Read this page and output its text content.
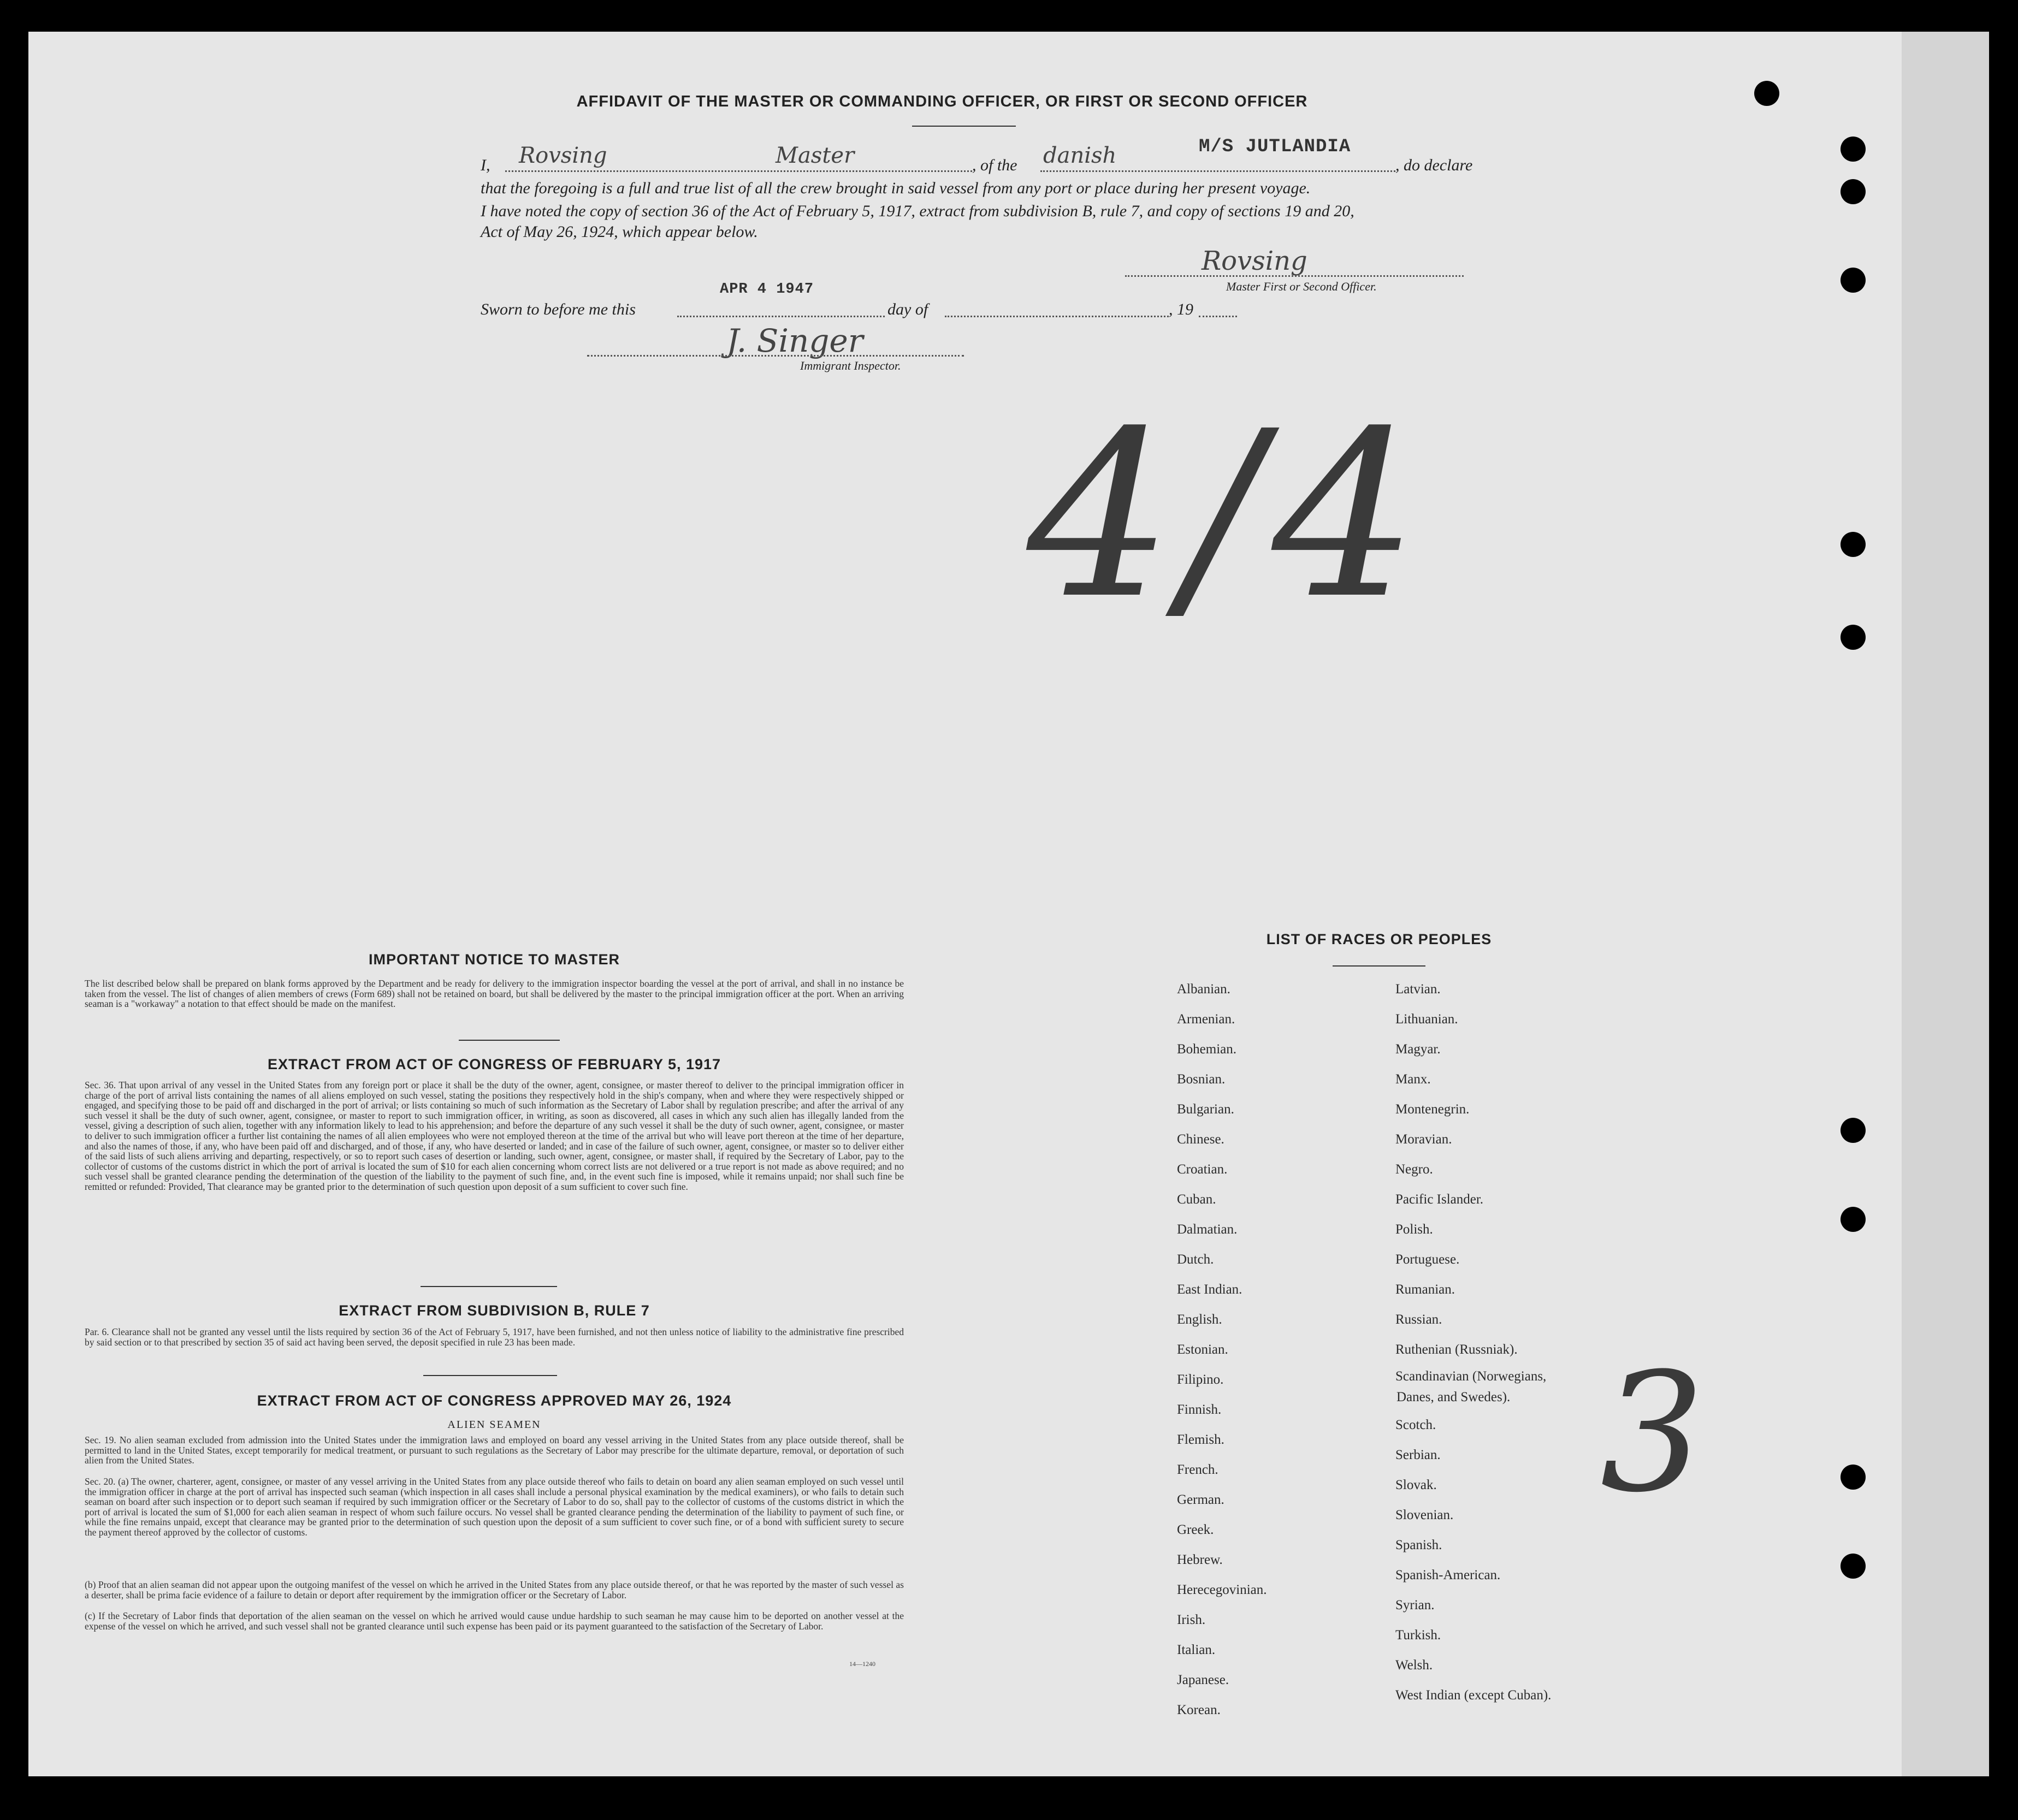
AFFIDAVIT OF THE MASTER OR COMMANDING OFFICER, OR FIRST OR SECOND OFFICER
I, Rovsing	Master	, of the danish	M/S JUTLANDIA
, do declare
that the foregoing is a full and true list of all the crew brought in said vessel from any port or place during her present voyage.
I have noted the copy of section 36 of the Act of February 5, 1917, extract from subdivision B, rule 7, and copy of sections 19 and 20,
Act of May 26, 1924, which appear below.
Rovsing
Master First or Second Officer.
APR 4 1947
Sworn to before me this	day of	, 19
J. Singer
Immigrant Inspector.
4/4
IMPORTANT NOTICE TO MASTER
The list described below shall be prepared on blank forms approved by the Department and be ready for delivery to the immigration inspector boarding the vessel at the port of arrival, and shall in no instance be taken from the vessel. The list of changes of alien members of crews (Form 689) shall not be retained on board, but shall be delivered by the master to the principal immigration officer at the port. When an arriving seaman is a "workaway" a notation to that effect should be made on the manifest.
EXTRACT FROM ACT OF CONGRESS OF FEBRUARY 5, 1917
Sec. 36. That upon arrival of any vessel in the United States from any foreign port or place it shall be the duty of the owner, agent, consignee, or master thereof to deliver to the principal immigration officer in charge of the port of arrival lists containing the names of all aliens employed on such vessel, stating the positions they respectively hold in the ship's company, when and where they were respectively shipped or engaged, and specifying those to be paid off and discharged in the port of arrival; or lists containing so much of such information as the Secretary of Labor shall by regulation prescribe; and after the arrival of any such vessel it shall be the duty of such owner, agent, consignee, or master to report to such immigration officer, in writing, as soon as discovered, all cases in which any such alien has illegally landed from the vessel, giving a description of such alien, together with any information likely to lead to his apprehension; and before the departure of any such vessel it shall be the duty of such owner, agent, consignee, or master to deliver to such immigration officer a further list containing the names of all alien employees who were not employed thereon at the time of the arrival but who will leave port thereon at the time of her departure, and also the names of those, if any, who have been paid off and discharged, and of those, if any, who have deserted or landed; and in case of the failure of such owner, agent, consignee, or master so to deliver either of the said lists of such aliens arriving and departing, respectively, or so to report such cases of desertion or landing, such owner, agent, consignee, or master shall, if required by the Secretary of Labor, pay to the collector of customs of the customs district in which the port of arrival is located the sum of $10 for each alien concerning whom correct lists are not delivered or a true report is not made as above required; and no such vessel shall be granted clearance pending the determination of the question of the liability to the payment of such fine, and, in the event such fine is imposed, while it remains unpaid; nor shall such fine be remitted or refunded: Provided, That clearance may be granted prior to the determination of such question upon deposit of a sum sufficient to cover such fine.
EXTRACT FROM SUBDIVISION B, RULE 7
Par. 6. Clearance shall not be granted any vessel until the lists required by section 36 of the Act of February 5, 1917, have been furnished, and not then unless notice of liability to the administrative fine prescribed by said section or to that prescribed by section 35 of said act having been served, the deposit specified in rule 23 has been made.
EXTRACT FROM ACT OF CONGRESS APPROVED MAY 26, 1924
ALIEN SEAMEN
Sec. 19. No alien seaman excluded from admission into the United States under the immigration laws and employed on board any vessel arriving in the United States from any place outside thereof, shall be permitted to land in the United States, except temporarily for medical treatment, or pursuant to such regulations as the Secretary of Labor may prescribe for the ultimate departure, removal, or deportation of such alien from the United States.
Sec. 20. (a) The owner, charterer, agent, consignee, or master of any vessel arriving in the United States from any place outside thereof who fails to detain on board any alien seaman employed on such vessel until the immigration officer in charge at the port of arrival has inspected such seaman (which inspection in all cases shall include a personal physical examination by the medical examiners), or who fails to detain such seaman on board after such inspection or to deport such seaman if required by such immigration officer or the Secretary of Labor to do so, shall pay to the collector of customs of the customs district in which the port of arrival is located the sum of $1,000 for each alien seaman in respect of whom such failure occurs. No vessel shall be granted clearance pending the determination of the liability to payment of such fine, or while the fine remains unpaid, except that clearance may be granted prior to the determination of such question upon the deposit of a sum sufficient to cover such fine, or of a bond with sufficient surety to secure the payment thereof approved by the collector of customs.
(b) Proof that an alien seaman did not appear upon the outgoing manifest of the vessel on which he arrived in the United States from any place outside thereof, or that he was reported by the master of such vessel as a deserter, shall be prima facie evidence of a failure to detain or deport after requirement by the immigration officer or the Secretary of Labor.
(c) If the Secretary of Labor finds that deportation of the alien seaman on the vessel on which he arrived would cause undue hardship to such seaman he may cause him to be deported on another vessel at the expense of the vessel on which he arrived, and such vessel shall not be granted clearance until such expense has been paid or its payment guaranteed to the satisfaction of the Secretary of Labor.
14—1240
LIST OF RACES OR PEOPLES
3
Albanian.
Armenian.
Bohemian.
Bosnian.
Bulgarian.
Chinese.
Croatian.
Cuban.
Dalmatian.
Dutch.
East Indian.
English.
Estonian.
Filipino.
Finnish.
Flemish.
French.
German.
Greek.
Hebrew.
Herecegovinian.
Irish.
Italian.
Japanese.
Korean.
Latvian.
Lithuanian.
Magyar.
Manx.
Montenegrin.
Moravian.
Negro.
Pacific Islander.
Polish.
Portuguese.
Rumanian.
Russian.
Ruthenian (Russniak).
Scandinavian (Norwegians,
Danes, and Swedes).
Scotch.
Serbian.
Slovak.
Slovenian.
Spanish.
Spanish-American.
Syrian.
Turkish.
Welsh.
West Indian (except Cuban).
